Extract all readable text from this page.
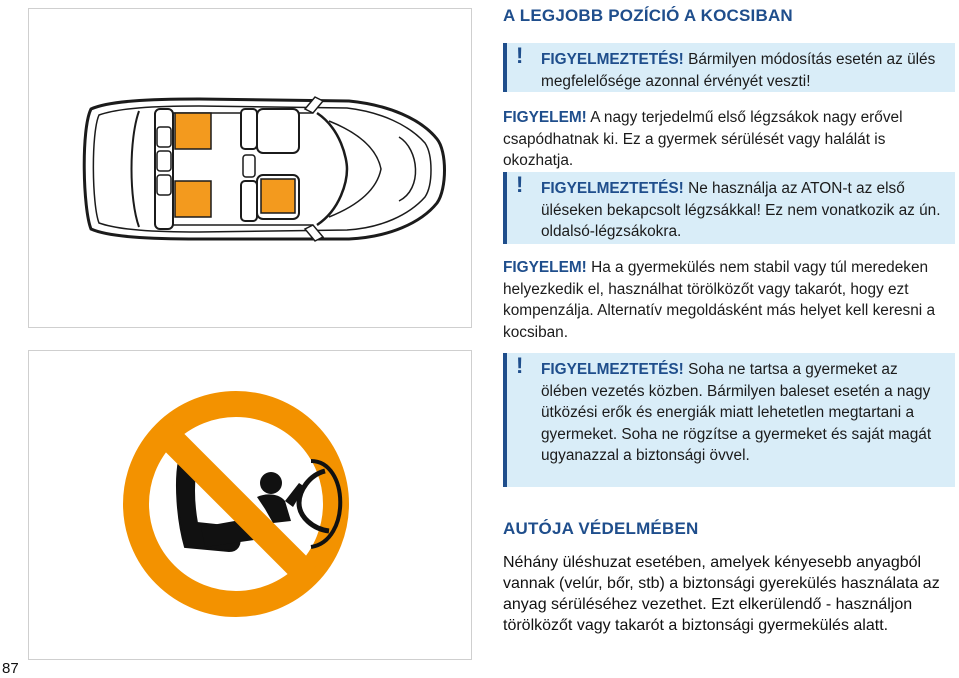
87
A LEGJOBB POZÍCIÓ A KOCSIBAN
! FIGYELMEZTETÉS! Bármilyen módosítás esetén az ülés megfelelősége azonnal érvényét veszti!
FIGYELEM! A nagy terjedelmű első légzsákok nagy erővel csapódhatnak ki. Ez a gyermek sérülését vagy halálát is okozhatja.
! FIGYELMEZTETÉS! Ne használja az ATON-t az első üléseken bekapcsolt légzsákkal! Ez nem vonatkozik az ún. oldalsó-légzsákokra.
FIGYELEM! Ha a gyermekülés nem stabil vagy túl meredeken helyezkedik el, használhat törölközőt vagy takarót, hogy ezt kompenzálja. Alternatív megoldásként más helyet kell keresni a kocsiban.
! FIGYELMEZTETÉS! Soha ne tartsa a gyermeket az ölében vezetés közben. Bármilyen baleset esetén a nagy ütközési erők és energiák miatt lehetetlen megtartani a gyermeket. Soha ne rögzítse a gyermeket és saját magát ugyanazzal a biztonsági övvel.
AUTÓJA VÉDELMÉBEN
Néhány üléshuzat esetében, amelyek kényesebb anyagból vannak (velúr, bőr, stb) a biztonsági gyerekülés használata az anyag sérüléséhez vezethet. Ezt elkerülendő - használjon törölközőt vagy takarót a biztonsági gyermekülés alatt.
